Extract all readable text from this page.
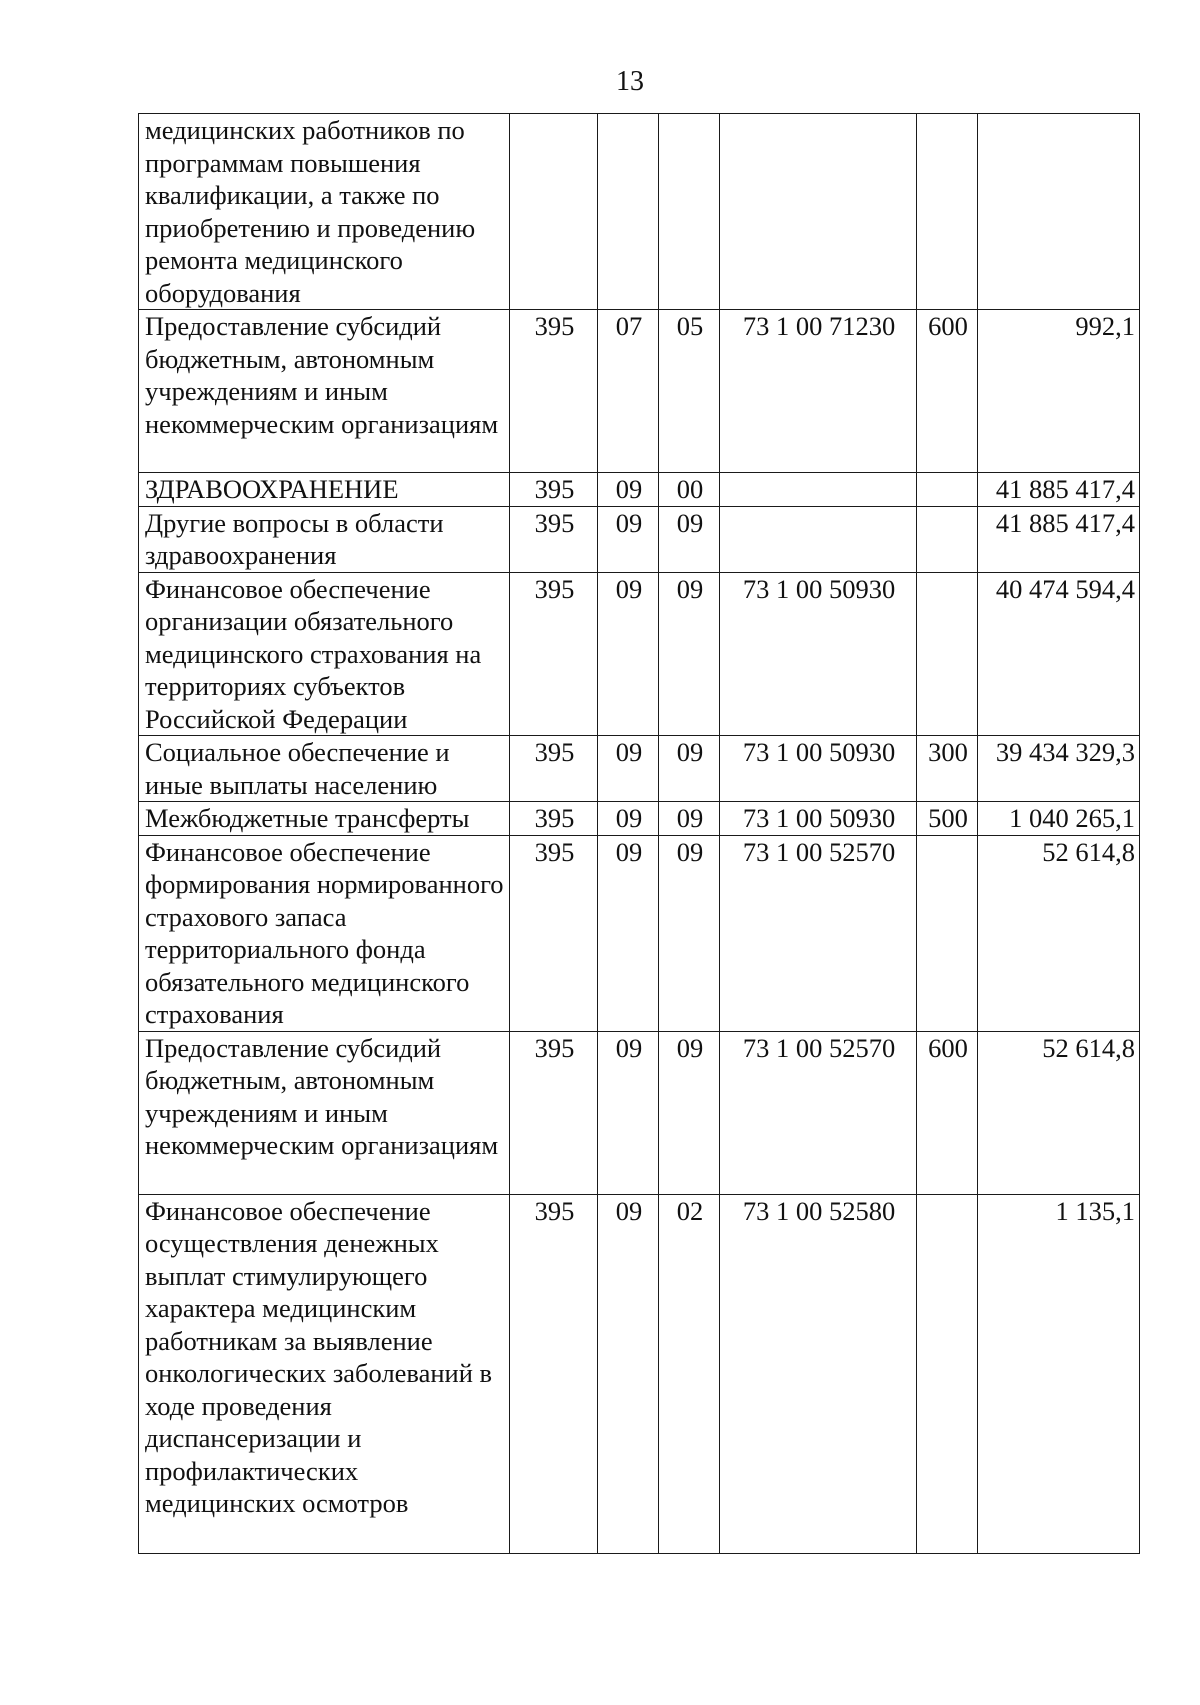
13
медицинских работников по программам повышения квалификации, а также по приобретению и проведению ремонта медицинского оборудования						
Предоставление субсидий бюджетным, автономным учреждениям и иным некоммерческим организациям	395	07	05	73 1 00 71230	600	992,1
ЗДРАВООХРАНЕНИЕ	395	09	00			41 885 417,4
Другие вопросы в области здравоохранения	395	09	09			41 885 417,4
Финансовое обеспечение организации обязательного медицинского страхования на территориях субъектов Российской Федерации	395	09	09	73 1 00 50930		40 474 594,4
Социальное обеспечение и иные выплаты населению	395	09	09	73 1 00 50930	300	39 434 329,3
Межбюджетные трансферты	395	09	09	73 1 00 50930	500	1 040 265,1
Финансовое обеспечение формирования нормированного страхового запаса территориального фонда обязательного медицинского страхования	395	09	09	73 1 00 52570		52 614,8
Предоставление субсидий бюджетным, автономным учреждениям и иным некоммерческим организациям	395	09	09	73 1 00 52570	600	52 614,8
Финансовое обеспечение осуществления денежных выплат стимулирующего характера медицинским работникам за выявление онкологических заболеваний в ходе проведения диспансеризации и профилактических медицинских осмотров	395	09	02	73 1 00 52580		1 135,1
